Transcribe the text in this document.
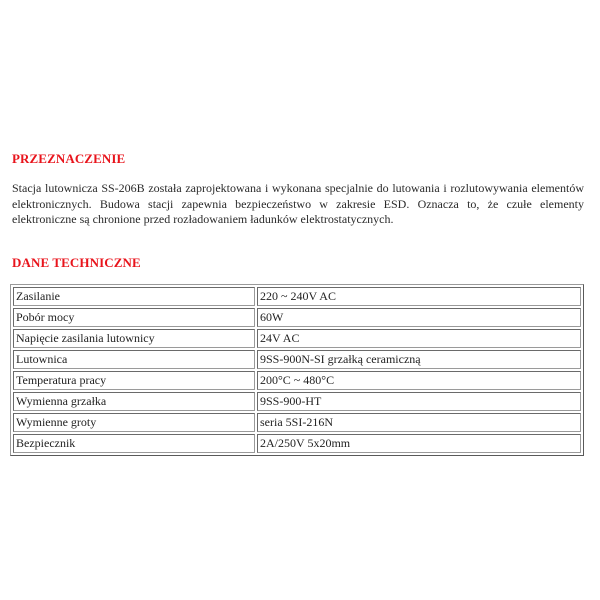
PRZEZNACZENIE

Stacja lutownicza SS-206B została zaprojektowana i wykonana specjalnie do lutowania i rozlutowywania elementów elektronicznych. Budowa stacji zapewnia bezpieczeństwo w zakresie ESD. Oznacza to, że czułe elementy elektroniczne są chronione przed rozładowaniem ładunków elektrostatycznych.

DANE TECHNICZNE
Zasilanie	220 ~ 240V AC
Pobór mocy	60W
Napięcie zasilania lutownicy	24V AC
Lutownica	9SS-900N-SI grzałką ceramiczną
Temperatura pracy	200°C ~ 480°C
Wymienna grzałka	9SS-900-HT
Wymienne groty	seria 5SI-216N
Bezpiecznik	2A/250V 5x20mm
